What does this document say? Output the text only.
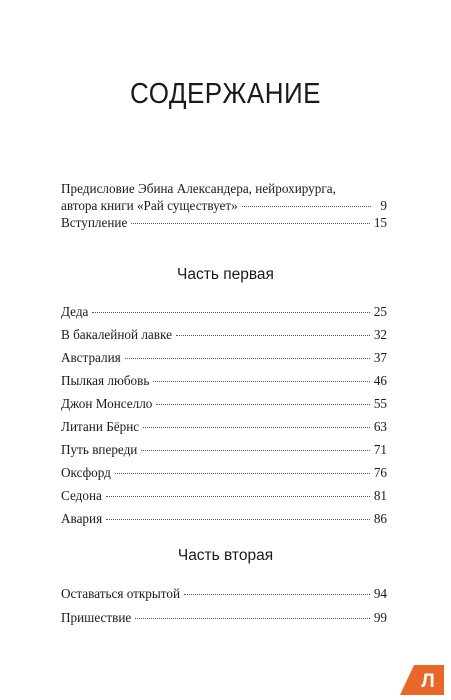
СОДЕРЖАНИЕ
Предисловие Эбина Александера, нейрохирурга,
автора книги «Рай существует»	9
Вступление	15
Часть первая
Деда	25
В бакалейной лавке	32
Австралия	37
Пылкая любовь	46
Джон Монселло	55
Литани Бёрнс	63
Путь впереди	71
Оксфорд	76
Седона	81
Авария	86
Часть вторая
Оставаться открытой	94
Пришествие	99
Л
